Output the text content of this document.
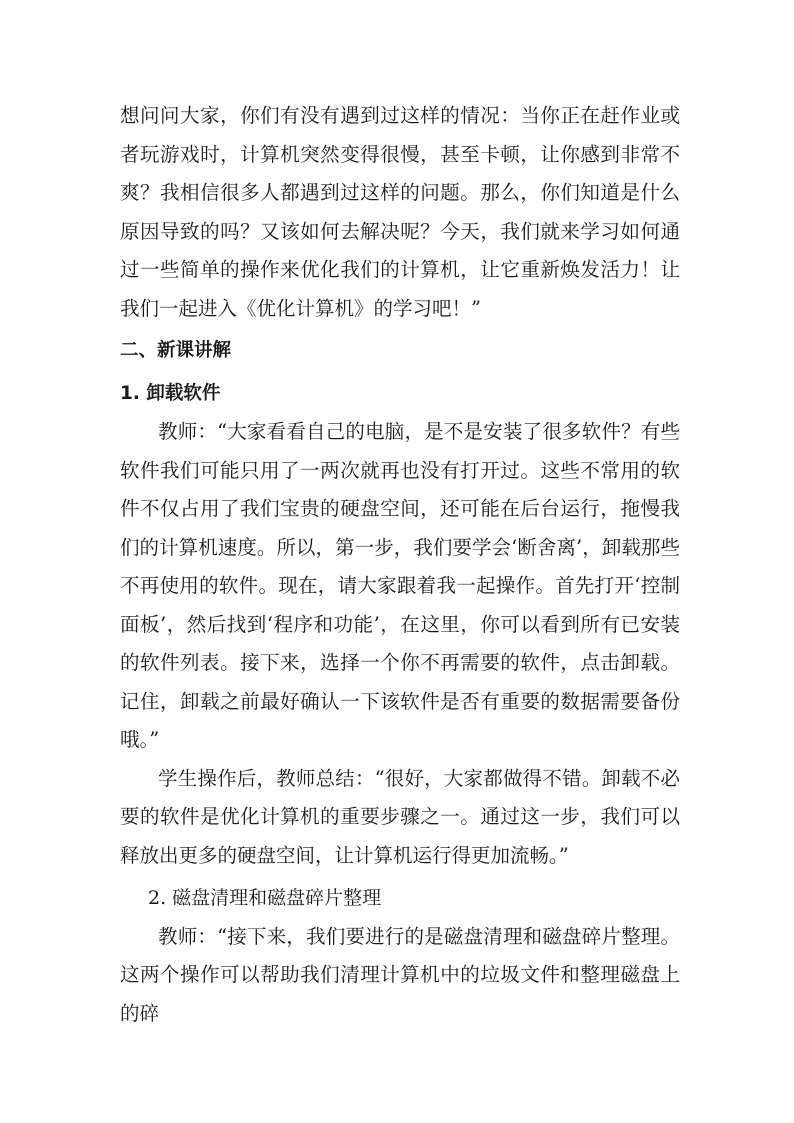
想问问大家，你们有没有遇到过这样的情况：当你正在赶作业或者玩游戏时，计算机突然变得很慢，甚至卡顿，让你感到非常不爽？我相信很多人都遇到过这样的问题。那么，你们知道是什么原因导致的吗？又该如何去解决呢？今天，我们就来学习如何通过一些简单的操作来优化我们的计算机，让它重新焕发活力！让我们一起进入《优化计算机》的学习吧！”

二、新课讲解
1. 卸载软件

教师：“大家看看自己的电脑，是不是安装了很多软件？有些软件我们可能只用了一两次就再也没有打开过。这些不常用的软件不仅占用了我们宝贵的硬盘空间，还可能在后台运行，拖慢我们的计算机速度。所以，第一步，我们要学会‘断舍离’，卸载那些不再使用的软件。现在，请大家跟着我一起操作。首先打开‘控制面板’，然后找到‘程序和功能’，在这里，你可以看到所有已安装的软件列表。接下来，选择一个你不再需要的软件，点击卸载。记住，卸载之前最好确认一下该软件是否有重要的数据需要备份哦。”

学生操作后，教师总结：“很好，大家都做得不错。卸载不必要的软件是优化计算机的重要步骤之一。通过这一步，我们可以释放出更多的硬盘空间，让计算机运行得更加流畅。”

2. 磁盘清理和磁盘碎片整理

教师：“接下来，我们要进行的是磁盘清理和磁盘碎片整理。这两个操作可以帮助我们清理计算机中的垃圾文件和整理磁盘上的碎
